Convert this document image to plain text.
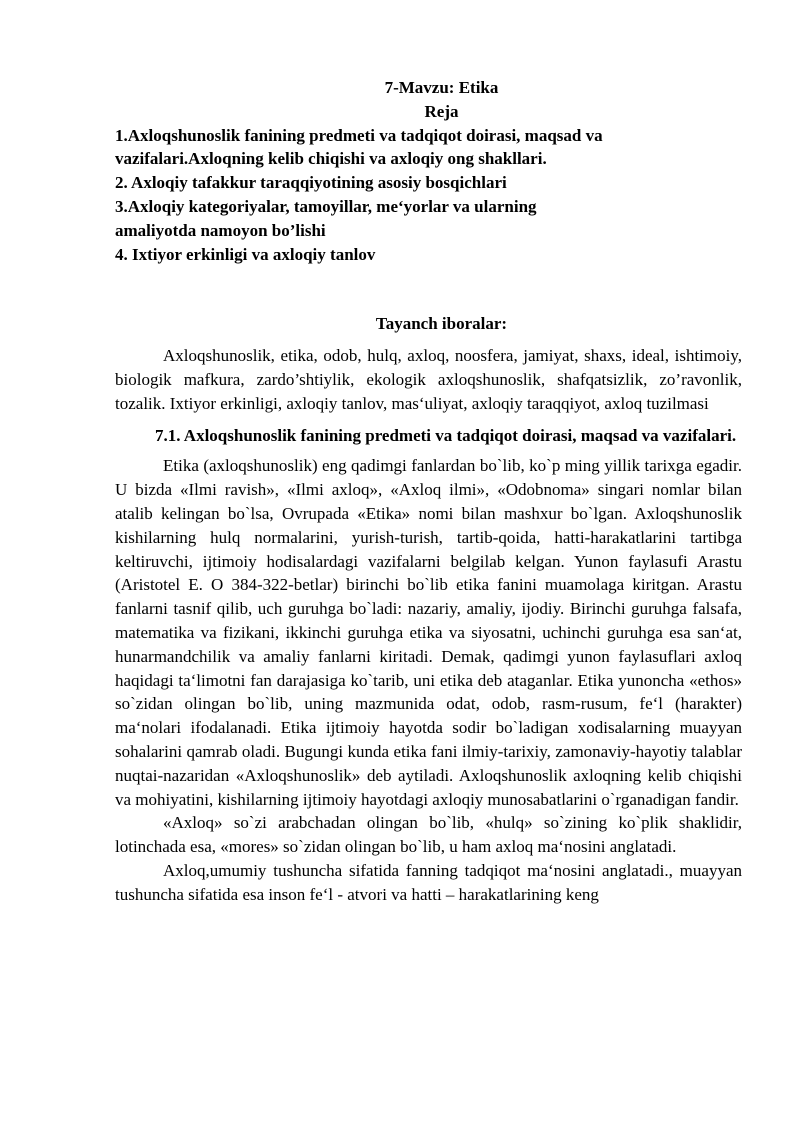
7-Mavzu: Etika

Reja

1.Axloqshunoslik fanining predmeti va tadqiqot doirasi, maqsad va vazifalari.Axloqning kelib chiqishi va axloqiy ong shakllari.
2. Axloqiy tafakkur taraqqiyotining asosiy bosqichlari
3.Axloqiy kategoriyalar, tamoyillar, me‘yorlar va ularning amaliyotda namoyon bo’lishi
4. Ixtiyor erkinligi va axloqiy tanlov

Tayanch iboralar:

Axloqshunoslik, etika, odob, hulq, axloq, noosfera, jamiyat, shaxs, ideal, ishtimoiy, biologik mafkura, zardo’shtiylik, ekologik axloqshunoslik, shafqatsizlik, zo’ravonlik, tozalik. Ixtiyor erkinligi, axloqiy tanlov, mas‘uliyat, axloqiy taraqqiyot, axloq tuzilmasi

7.1. Axloqshunoslik fanining predmeti va tadqiqot doirasi, maqsad va vazifalari.

Etika (axloqshunoslik) eng qadimgi fanlardan bo`lib, ko`p ming yillik tarixga egadir. U bizda «Ilmi ravish», «Ilmi axloq», «Axloq ilmi», «Odobnoma» singari nomlar bilan atalib kelingan bo`lsa, Ovrupada «Etika» nomi bilan mashxur bo`lgan. Axloqshunoslik kishilarning hulq normalarini, yurish-turish, tartib-qoida, hatti-harakatlarini tartibga keltiruvchi, ijtimoiy hodisalardagi vazifalarni belgilab kelgan. Yunon faylasufi Arastu (Aristotel E. O 384-322-betlar) birinchi bo`lib etika fanini muamolaga kiritgan. Arastu fanlarni tasnif qilib, uch guruhga bo`ladi: nazariy, amaliy, ijodiy. Birinchi guruhga falsafa, matematika va fizikani, ikkinchi guruhga etika va siyosatni, uchinchi guruhga esa san‘at, hunarmandchilik va amaliy fanlarni kiritadi. Demak, qadimgi yunon faylasuflari axloq haqidagi ta‘limotni fan darajasiga ko`tarib, uni etika deb ataganlar. Etika yunoncha «ethos» so`zidan olingan bo`lib, uning mazmunida odat, odob, rasm-rusum, fe‘l (harakter) ma‘nolari ifodalanadi. Etika ijtimoiy hayotda sodir bo`ladigan xodisalarning muayyan sohalarini qamrab oladi. Bugungi kunda etika fani ilmiy-tarixiy, zamonaviy-hayotiy talablar nuqtai-nazaridan «Axloqshunoslik» deb aytiladi. Axloqshunoslik axloqning kelib chiqishi va mohiyatini, kishilarning ijtimoiy hayotdagi axloqiy munosabatlarini o`rganadigan fandir.

«Axloq» so`zi arabchadan olingan bo`lib, «hulq» so`zining ko`plik shaklidir, lotinchada esa, «mores» so`zidan olingan bo`lib, u ham axloq ma‘nosini anglatadi.

Axloq,umumiy tushuncha sifatida fanning tadqiqot ma‘nosini anglatadi., muayyan tushuncha sifatida esa inson fe‘l - atvori va hatti – harakatlarining keng
